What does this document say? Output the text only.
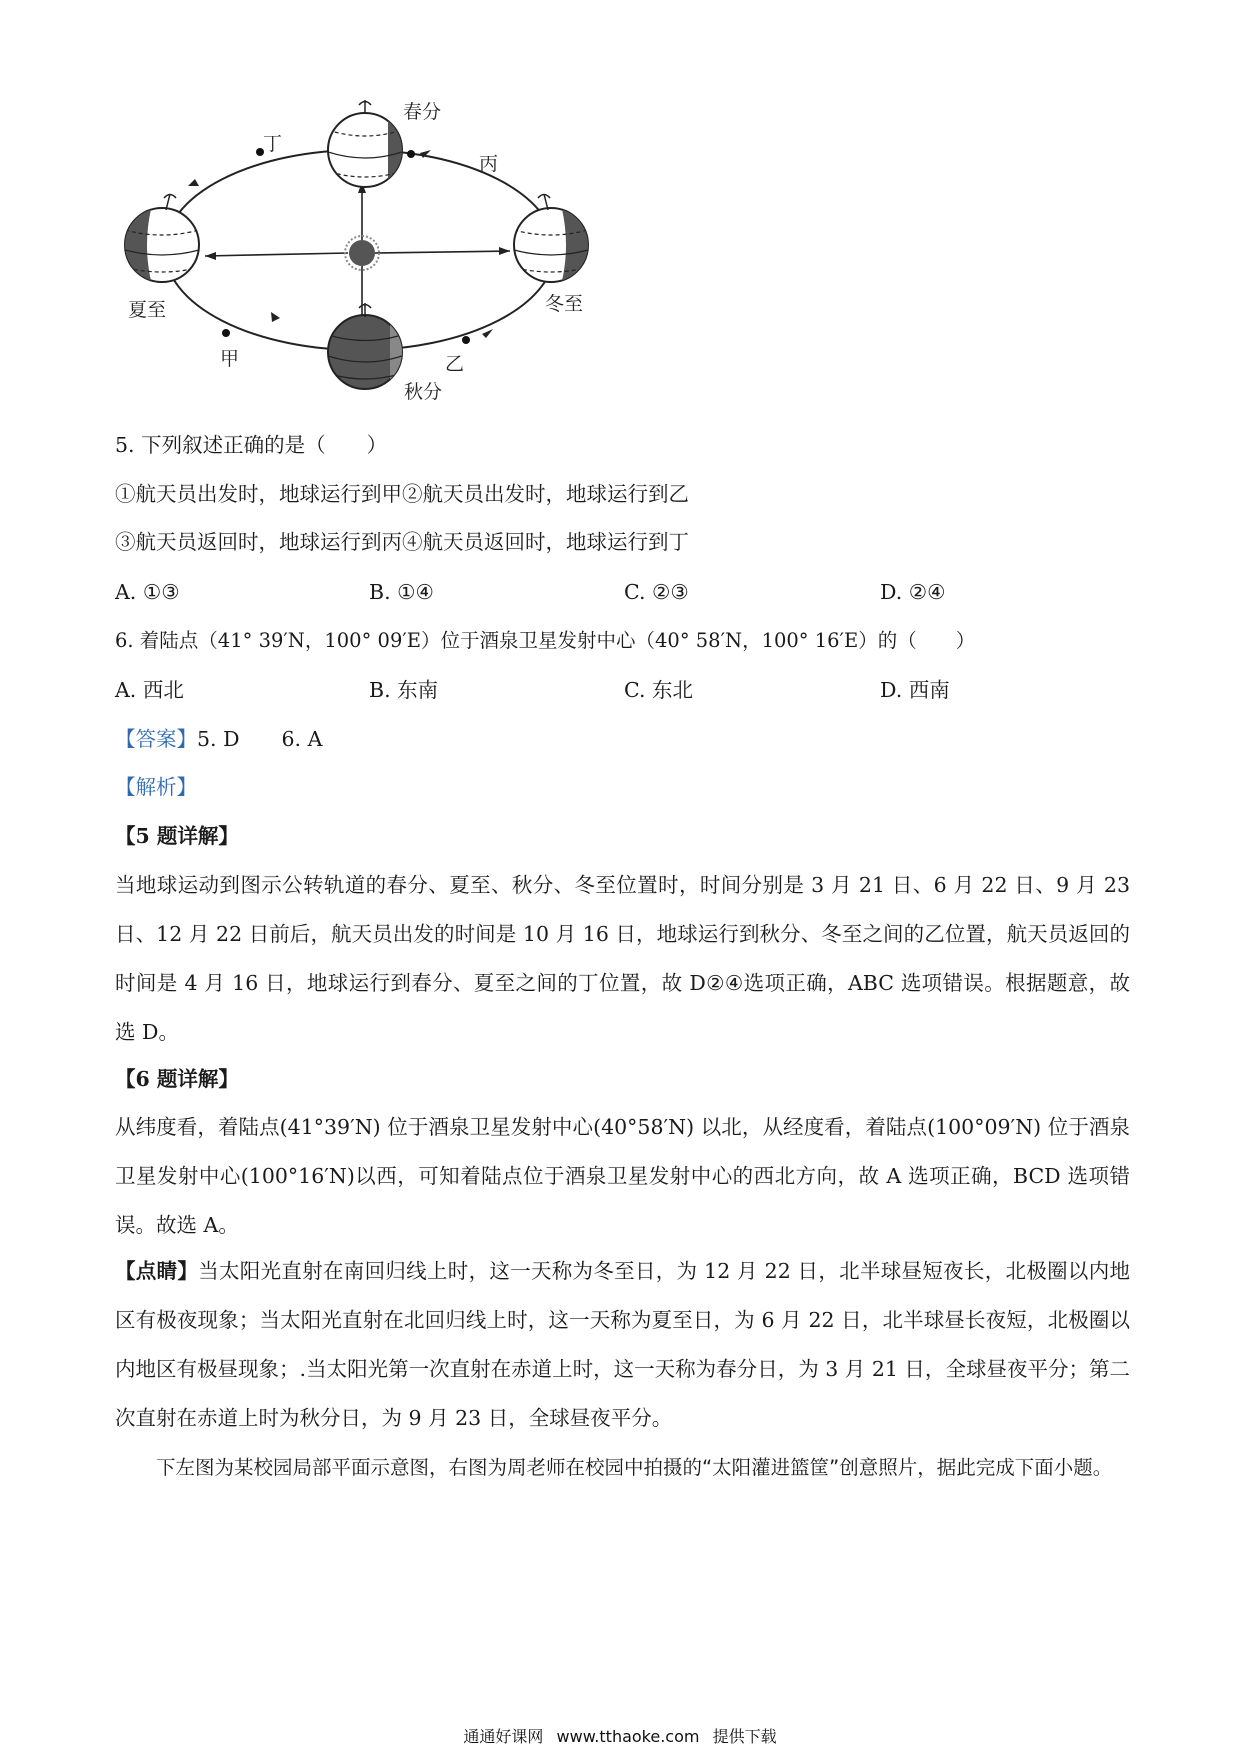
春分
夏至
秋分
冬至
丁
丙
甲	乙
5. 下列叙述正确的是（　　）
①航天员出发时，地球运行到甲②航天员出发时，地球运行到乙
③航天员返回时，地球运行到丙④航天员返回时，地球运行到丁
A. ①③	B. ①④	C. ②③	D. ②④
6. 着陆点（41° 39′N，100° 09′E）位于酒泉卫星发射中心（40° 58′N，100° 16′E）的（　　）
A. 西北	B. 东南	C. 东北	D. 西南
【答案】5. D 6. A
【解析】
【5 题详解】
当地球运动到图示公转轨道的春分、夏至、秋分、冬至位置时，时间分别是 3 月 21 日、6 月 22 日、9 月 23 日、12 月 22 日前后，航天员出发的时间是 10 月 16 日，地球运行到秋分、冬至之间的乙位置，航天员返回的时间是 4 月 16 日，地球运行到春分、夏至之间的丁位置，故 D②④选项正确，ABC 选项错误。根据题意，故选 D。
【6 题详解】
从纬度看，着陆点(41°39′N) 位于酒泉卫星发射中心(40°58′N) 以北，从经度看，着陆点(100°09′N) 位于酒泉卫星发射中心(100°16′N)以西，可知着陆点位于酒泉卫星发射中心的西北方向，故 A 选项正确，BCD 选项错误。故选 A。
【点睛】当太阳光直射在南回归线上时，这一天称为冬至日，为 12 月 22 日，北半球昼短夜长，北极圈以内地区有极夜现象；当太阳光直射在北回归线上时，这一天称为夏至日，为 6 月 22 日，北半球昼长夜短，北极圈以内地区有极昼现象；.当太阳光第一次直射在赤道上时，这一天称为春分日，为 3 月 21 日，全球昼夜平分；第二次直射在赤道上时为秋分日，为 9 月 23 日，全球昼夜平分。
下左图为某校园局部平面示意图，右图为周老师在校园中拍摄的“太阳灌进篮筐”创意照片，据此完成下面小题。
通通好课网 www.tthaoke.com 提供下载
